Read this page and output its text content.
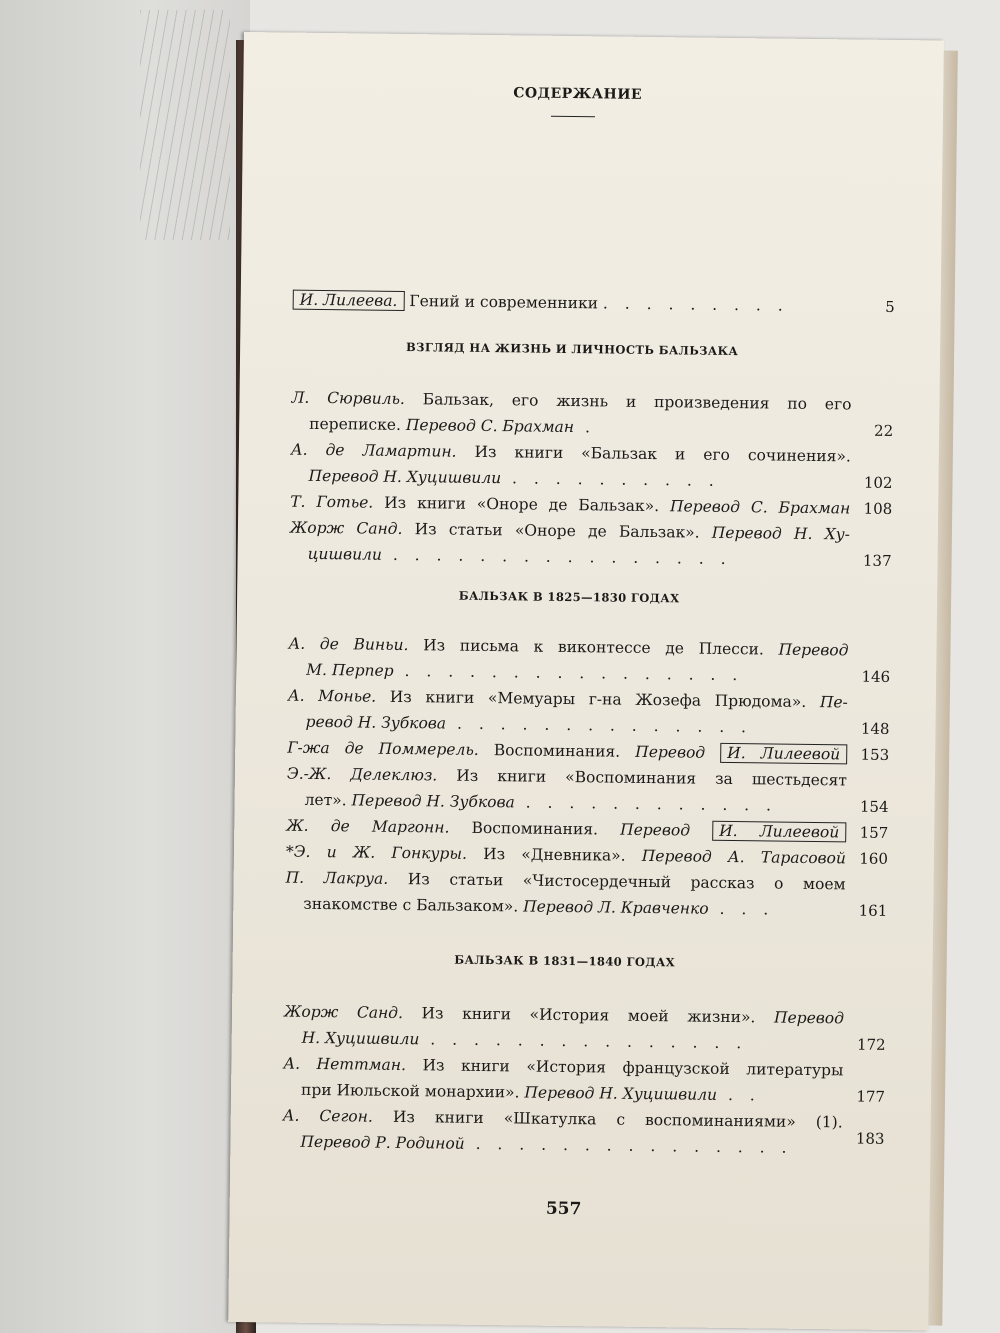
СОДЕРЖАНИЕ
И. Лилеева. Гений и современники . . . . . . . . .	5
ВЗГЛЯД НА ЖИЗНЬ И ЛИЧНОСТЬ БАЛЬЗАКА
Л. Сюрвиль. Бальзак, его жизнь и произведения по его
переписке. Перевод С. Брахман .	22
А. де Ламартин. Из книги «Бальзак и его сочинения».
Перевод Н. Хуцишвили . . . . . . . . . .	102
Т. Готье. Из книги «Оноре де Бальзак». Перевод С. Брахман 108
Жорж Санд. Из статьи «Оноре де Бальзак». Перевод Н. Ху-
цишвили . . . . . . . . . . . . . . . .	137
БАЛЬЗАК В 1825—1830 ГОДАХ
А. де Виньи. Из письма к виконтессе де Плесси. Перевод
М. Перпер . . . . . . . . . . . . . . . .	146
А. Монье. Из книги «Мемуары г-на Жозефа Прюдома». Пе-
ревод Н. Зубкова . . . . . . . . . . . . . .	148
Г-жа де Поммерель. Воспоминания. Перевод И. Лилеевой 153
Э.-Ж. Делеклюз. Из книги «Воспоминания за шестьдесят
лет». Перевод Н. Зубкова . . . . . . . . . . . .	154
Ж. де Маргонн. Воспоминания. Перевод И. Лилеевой 157
*Э. и Ж. Гонкуры. Из «Дневника». Перевод А. Тарасовой 160
П. Лакруа. Из статьи «Чистосердечный рассказ о моем
знакомстве с Бальзаком». Перевод Л. Кравченко . . .	161
БАЛЬЗАК В 1831—1840 ГОДАХ
Жорж Санд. Из книги «История моей жизни». Перевод
Н. Хуцишвили . . . . . . . . . . . . . . .	172
А. Неттман. Из книги «История французской литературы
при Июльской монархии». Перевод Н. Хуцишвили . .	177
А. Сегон. Из книги «Шкатулка с воспоминаниями» (1).
Перевод Р. Родиной . . . . . . . . . . . . . . .	183
557
